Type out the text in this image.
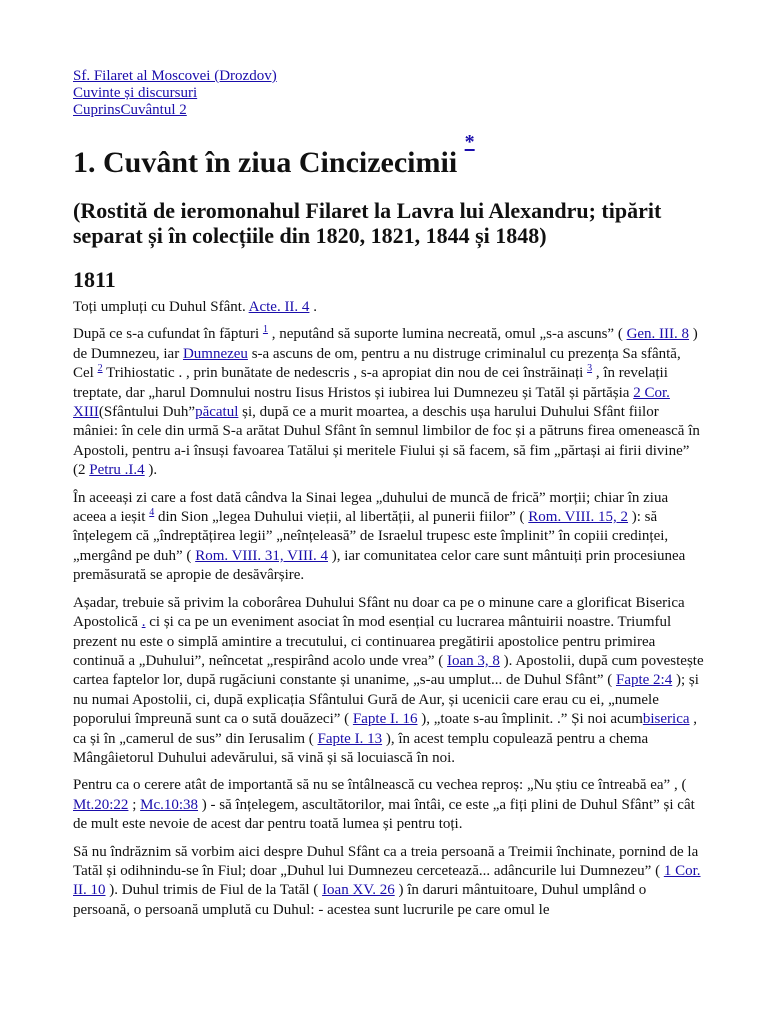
Sf. Filaret al Moscovei (Drozdov)
Cuvinte și discursuri
CuprinsCuvântul 2
1. Cuvânt în ziua Cincizecimii *
(Rostită de ieromonahul Filaret la Lavra lui Alexandru; tipărit separat și în colecțiile din 1820, 1821, 1844 și 1848)
1811

Toți umpluți cu Duhul Sfânt. Acte. II. 4 .

După ce s-a cufundat în făpturi $^1$ , neputând să suporte lumina necreată, omul „s-a ascuns” ( Gen. III. 8 ) de Dumnezeu, iar Dumnezeu s-a ascuns de om, pentru a nu distruge criminalul cu prezența Sa sfântă, Cel $^2$ Trihiostatic . , prin bunătate de nedescris , s-a apropiat din nou de cei înstrăinați $^3$ , în revelații treptate, dar „harul Domnului nostru Iisus Hristos și iubirea lui Dumnezeu și Tatăl și părtășia 2 Cor. XIII(Sfântului Duh”păcatul și, după ce a murit moartea, a deschis ușa harului Duhului Sfânt fiilor mâniei: în cele din urmă S-a arătat Duhul Sfânt în semnul limbilor de foc și a pătruns firea omenească în Apostoli, pentru a-i însuși favoarea Tatălui și meritele Fiului și să facem, să fim „părtași ai firii divine” (2 Petru .I.4 ).

În aceeași zi care a fost dată cândva la Sinai legea „duhului de muncă de frică” morții; chiar în ziua aceea a ieșit $^4$ din Sion „legea Duhului vieții, al libertății, al punerii fiilor” ( Rom. VIII. 15, 2 ): să înțelegem că „îndreptățirea legii” „neînțeleasă” de Israelul trupesc este împlinit” în copiii credinței, „mergând pe duh” ( Rom. VIII. 31, VIII. 4 ), iar comunitatea celor care sunt mântuiți prin procesiunea premăsurată se apropie de desăvârșire.

Așadar, trebuie să privim la coborârea Duhului Sfânt nu doar ca pe o minune care a glorificat Biserica Apostolică . ci și ca pe un eveniment asociat în mod esențial cu lucrarea mântuirii noastre. Triumful prezent nu este o simplă amintire a trecutului, ci continuarea pregătirii apostolice pentru primirea continuă a „Duhului”, neîncetat „respirând acolo unde vrea” ( Ioan 3, 8 ). Apostolii, după cum povestește cartea faptelor lor, după rugăciuni constante și unanime, „s-au umplut... de Duhul Sfânt” ( Fapte 2:4 ); și nu numai Apostolii, ci, după explicația Sfântului Gură de Aur, și ucenicii care erau cu ei, „numele poporului împreună sunt ca o sută douăzeci” ( Fapte I. 16 ), „toate s-au împlinit. .” Și noi acumbiserica , ca și în „camerul de sus” din Ierusalim ( Fapte I. 13 ), în acest templu copulează pentru a chema Mângâietorul Duhului adevărului, să vină și să locuiască în noi.

Pentru ca o cerere atât de importantă să nu se întâlnească cu vechea reproș: „Nu știu ce întreabă ea” , ( Mt.20:22 ; Mc.10:38 ) - să înțelegem, ascultătorilor, mai întâi, ce este „a fiți plini de Duhul Sfânt” și cât de mult este nevoie de acest dar pentru toată lumea și pentru toți.

Să nu îndrăznim să vorbim aici despre Duhul Sfânt ca a treia persoană a Treimii închinate, pornind de la Tatăl și odihnindu-se în Fiul; doar „Duhul lui Dumnezeu cercetează... adâncurile lui Dumnezeu” ( 1 Cor. II. 10 ). Duhul trimis de Fiul de la Tatăl ( Ioan XV. 26 ) în daruri mântuitoare, Duhul umplând o persoană, o persoană umplută cu Duhul: - acestea sunt lucrurile pe care omul le
